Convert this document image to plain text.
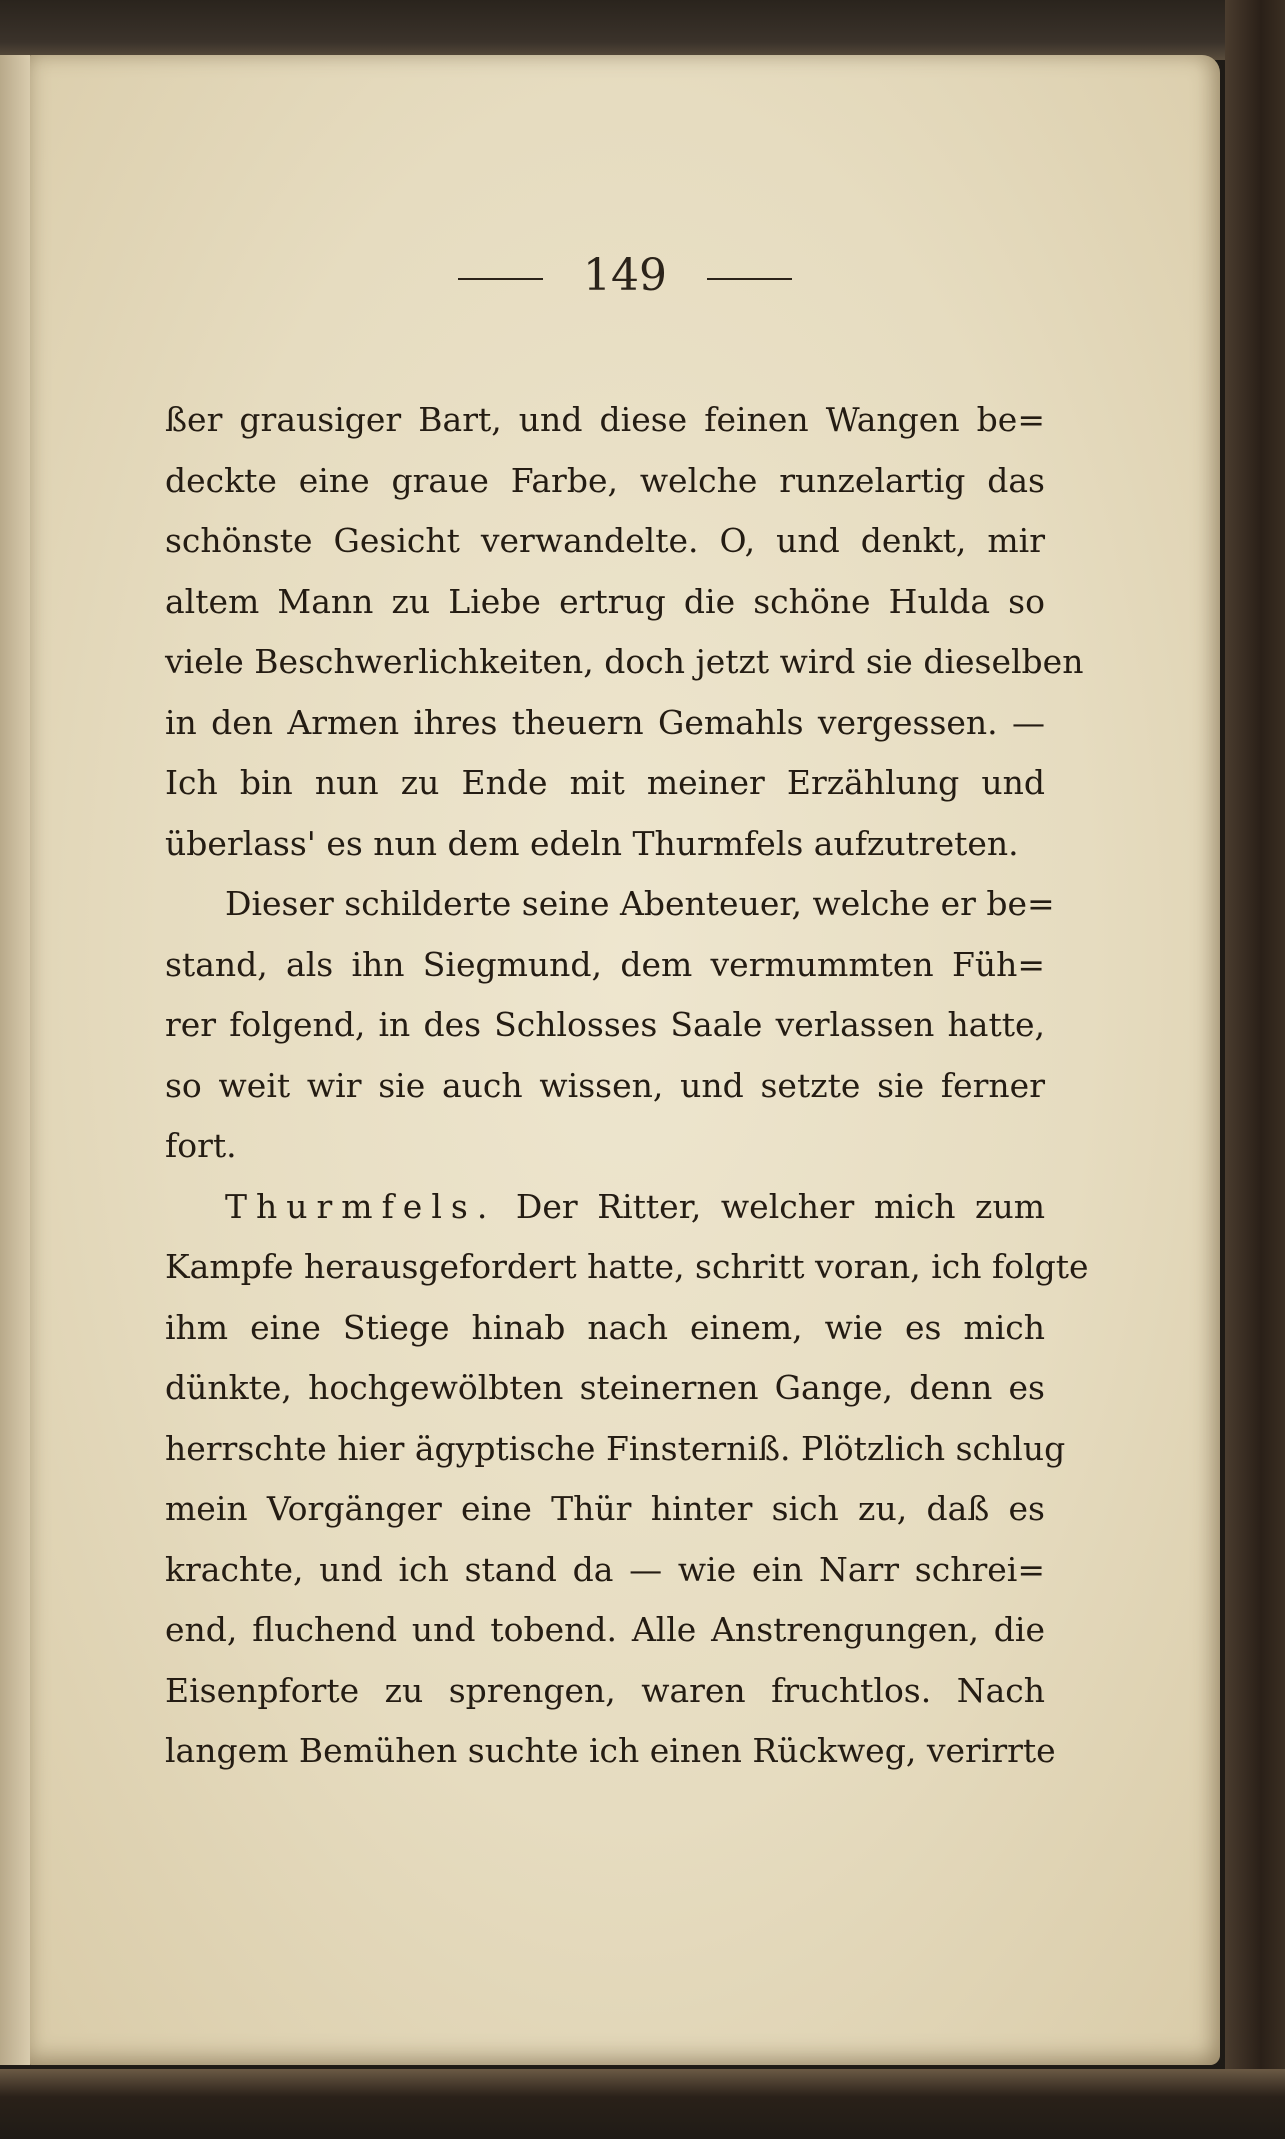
149
ßer grausiger Bart, und diese feinen Wangen be=
deckte eine graue Farbe, welche runzelartig das
schönste Gesicht verwandelte. O, und denkt, mir
altem Mann zu Liebe ertrug die schöne Hulda so
viele Beschwerlichkeiten, doch jetzt wird sie dieselben
in den Armen ihres theuern Gemahls vergessen. —
Ich bin nun zu Ende mit meiner Erzählung und
überlass' es nun dem edeln Thurmfels aufzutreten.
Dieser schilderte seine Abenteuer, welche er be=
stand, als ihn Siegmund, dem vermummten Füh=
rer folgend, in des Schlosses Saale verlassen hatte,
so weit wir sie auch wissen, und setzte sie ferner
fort.
Thurmfels. Der Ritter, welcher mich zum
Kampfe herausgefordert hatte, schritt voran, ich folgte
ihm eine Stiege hinab nach einem, wie es mich
dünkte, hochgewölbten steinernen Gange, denn es
herrschte hier ägyptische Finsterniß. Plötzlich schlug
mein Vorgänger eine Thür hinter sich zu, daß es
krachte, und ich stand da — wie ein Narr schrei=
end, fluchend und tobend. Alle Anstrengungen, die
Eisenpforte zu sprengen, waren fruchtlos. Nach
langem Bemühen suchte ich einen Rückweg, verirrte
